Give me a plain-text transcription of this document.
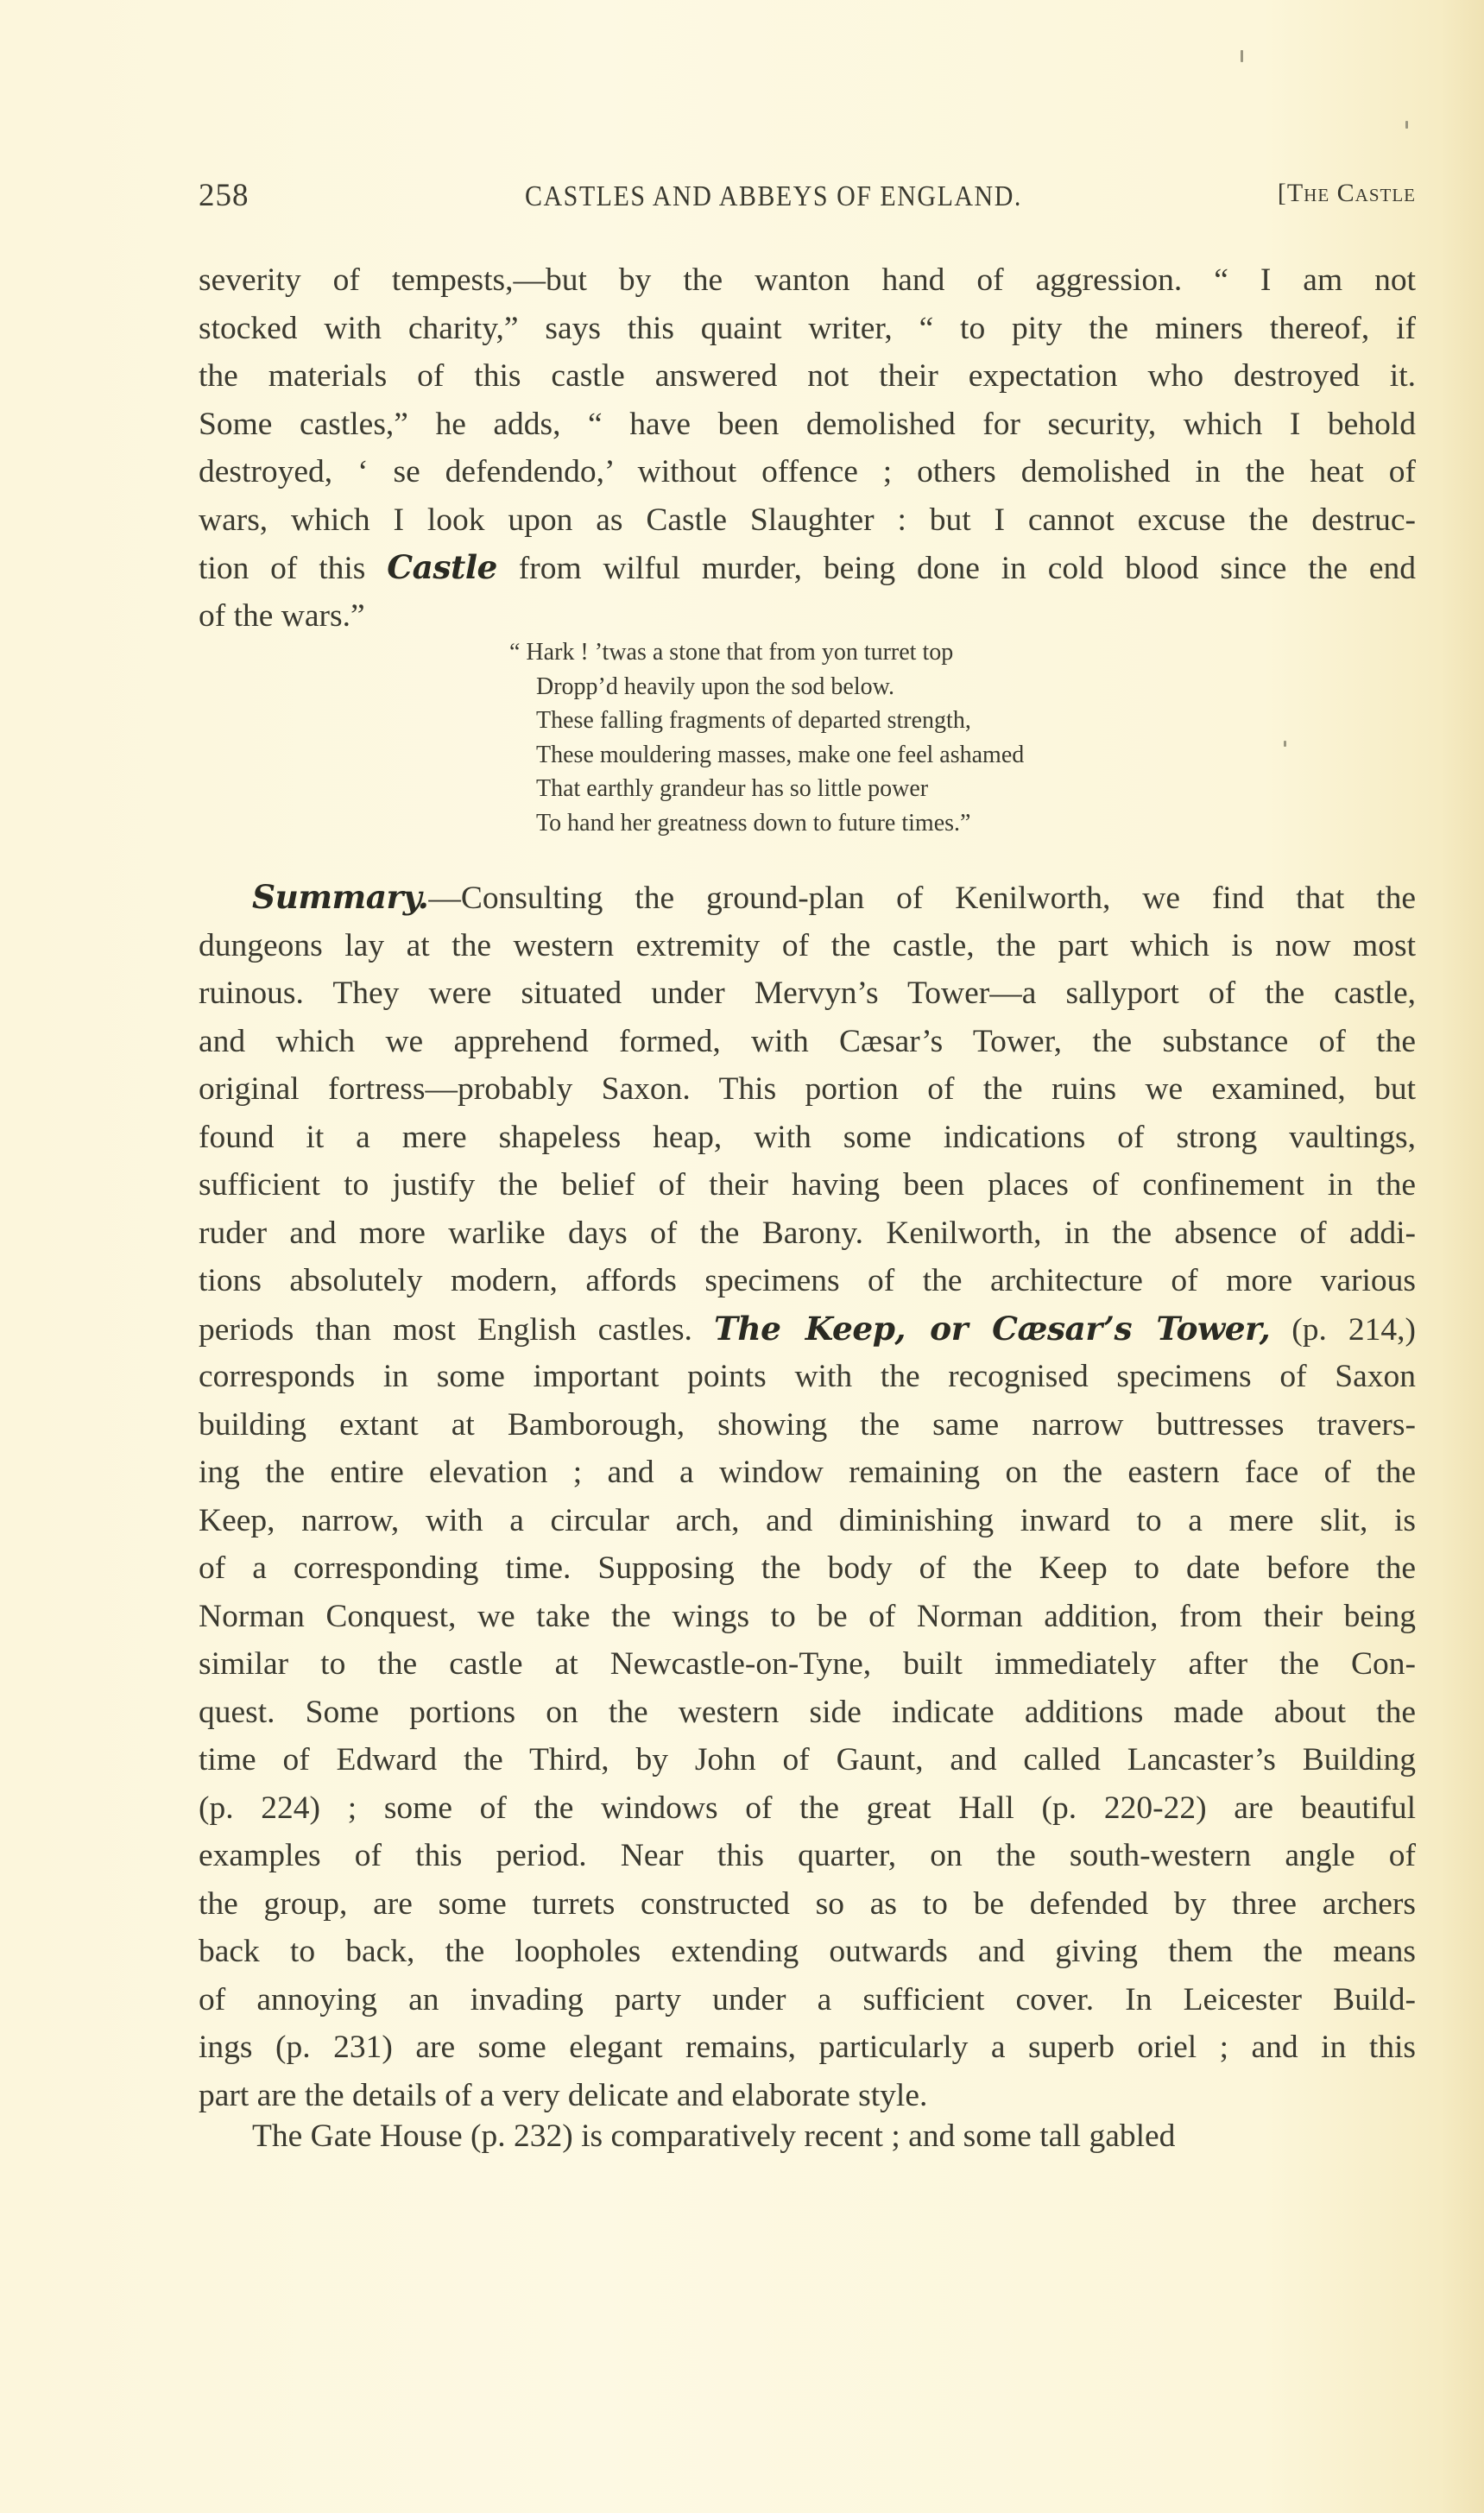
258	CASTLES AND ABBEYS OF ENGLAND.	[The Castle
severity of tempests,—but by the wanton hand of aggression. “ I am not
stocked with charity,” says this quaint writer, “ to pity the miners thereof, if
the materials of this castle answered not their expectation who destroyed it.
Some castles,” he adds, “ have been demolished for security, which I behold
destroyed, ‘ se defendendo,’ without offence ; others demolished in the heat of
wars, which I look upon as Castle Slaughter : but I cannot excuse the destruc-
tion of this Castle from wilful murder, being done in cold blood since the end
of the wars.”
“ Hark ! ’twas a stone that from yon turret top
Dropp’d heavily upon the sod below.
These falling fragments of departed strength,
These mouldering masses, make one feel ashamed
That earthly grandeur has so little power
To hand her greatness down to future times.”
Summary.—Consulting the ground-plan of Kenilworth, we find that the
dungeons lay at the western extremity of the castle, the part which is now most
ruinous. They were situated under Mervyn’s Tower—a sallyport of the castle,
and which we apprehend formed, with Cæsar’s Tower, the substance of the
original fortress—probably Saxon. This portion of the ruins we examined, but
found it a mere shapeless heap, with some indications of strong vaultings,
sufficient to justify the belief of their having been places of confinement in the
ruder and more warlike days of the Barony. Kenilworth, in the absence of addi-
tions absolutely modern, affords specimens of the architecture of more various
periods than most English castles. The Keep, or Cæsar’s Tower, (p. 214,)
corresponds in some important points with the recognised specimens of Saxon
building extant at Bamborough, showing the same narrow buttresses travers-
ing the entire elevation ; and a window remaining on the eastern face of the
Keep, narrow, with a circular arch, and diminishing inward to a mere slit, is
of a corresponding time. Supposing the body of the Keep to date before the
Norman Conquest, we take the wings to be of Norman addition, from their being
similar to the castle at Newcastle-on-Tyne, built immediately after the Con-
quest. Some portions on the western side indicate additions made about the
time of Edward the Third, by John of Gaunt, and called Lancaster’s Building
(p. 224) ; some of the windows of the great Hall (p. 220-22) are beautiful
examples of this period. Near this quarter, on the south-western angle of
the group, are some turrets constructed so as to be defended by three archers
back to back, the loopholes extending outwards and giving them the means
of annoying an invading party under a sufficient cover. In Leicester Build-
ings (p. 231) are some elegant remains, particularly a superb oriel ; and in this
part are the details of a very delicate and elaborate style.
The Gate House (p. 232) is comparatively recent ; and some tall gabled
